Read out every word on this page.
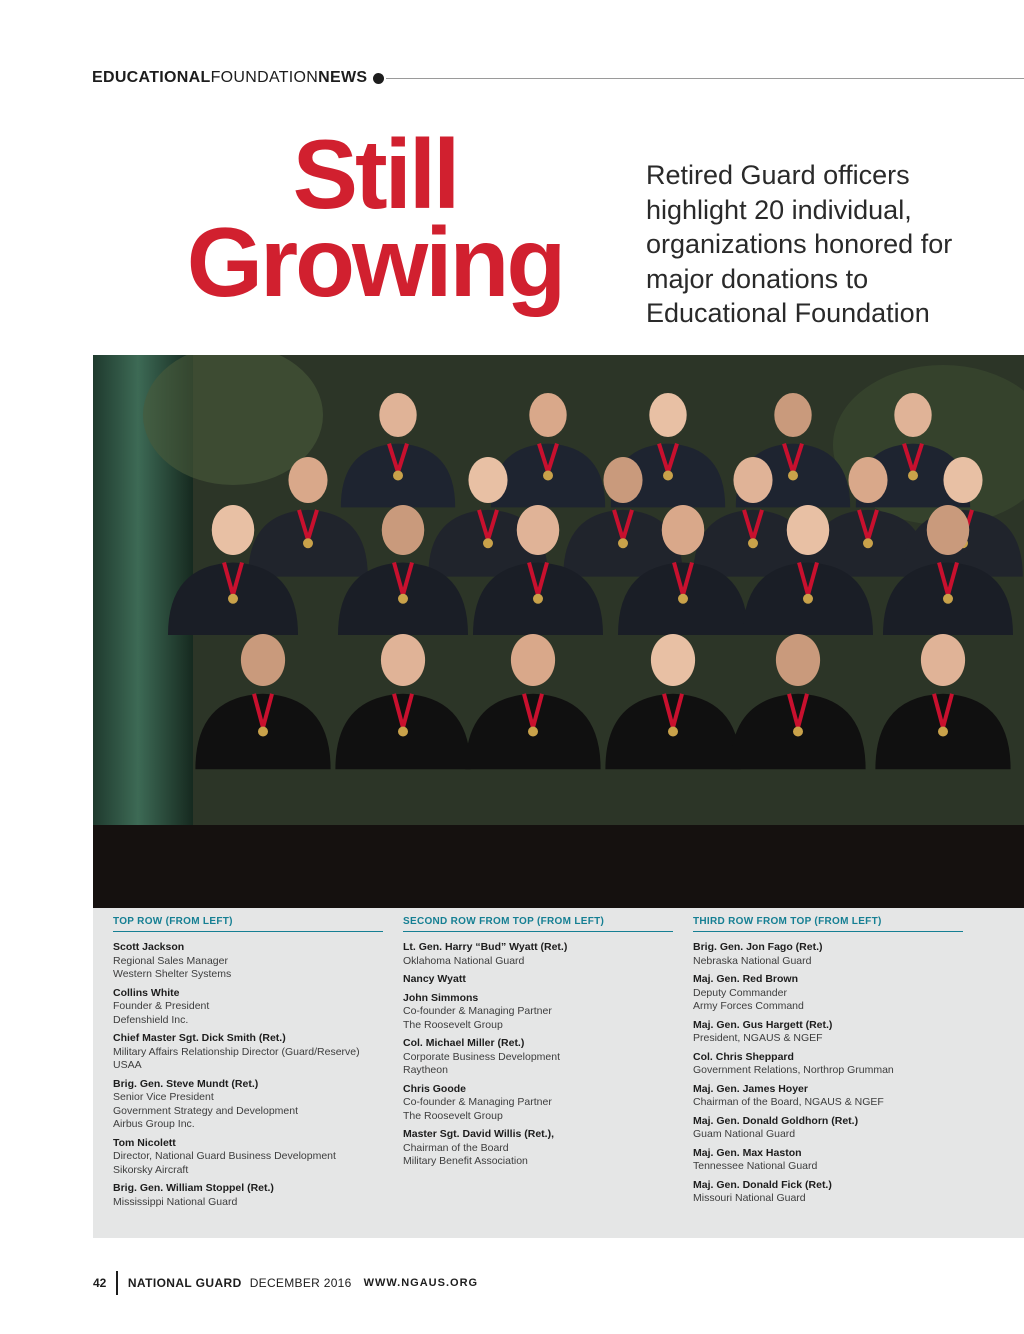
EDUCATIONALFOUNDATIONNEWS
Still
Growing
Retired Guard officers highlight 20 individual, organizations honored for major donations to Educational Foundation
TOP ROW (FROM LEFT)
Scott Jackson
Regional Sales Manager
Western Shelter Systems
Collins White
Founder & President
Defenshield Inc.
Chief Master Sgt. Dick Smith (Ret.)
Military Affairs Relationship Director (Guard/Reserve)
USAA
Brig. Gen. Steve Mundt (Ret.)
Senior Vice President
Government Strategy and Development
Airbus Group Inc.
Tom Nicolett
Director, National Guard Business Development
Sikorsky Aircraft
Brig. Gen. William Stoppel (Ret.)
Mississippi National Guard
SECOND ROW FROM TOP (FROM LEFT)
Lt. Gen. Harry “Bud” Wyatt (Ret.)
Oklahoma National Guard
Nancy Wyatt
John Simmons
Co-founder & Managing Partner
The Roosevelt Group
Col. Michael Miller (Ret.)
Corporate Business Development
Raytheon
Chris Goode
Co-founder & Managing Partner
The Roosevelt Group
Master Sgt. David Willis (Ret.),
Chairman of the Board
Military Benefit Association
THIRD ROW FROM TOP (FROM LEFT)
Brig. Gen. Jon Fago (Ret.)
Nebraska National Guard
Maj. Gen. Red Brown
Deputy Commander
Army Forces Command
Maj. Gen. Gus Hargett (Ret.)
President, NGAUS & NGEF
Col. Chris Sheppard
Government Relations, Northrop Grumman
Maj. Gen. James Hoyer
Chairman of the Board, NGAUS & NGEF
Maj. Gen. Donald Goldhorn (Ret.)
Guam National Guard
Maj. Gen. Max Haston
Tennessee National Guard
Maj. Gen. Donald Fick (Ret.)
Missouri National Guard
42 NATIONAL GUARD DECEMBER 2016 WWW.NGAUS.ORG
